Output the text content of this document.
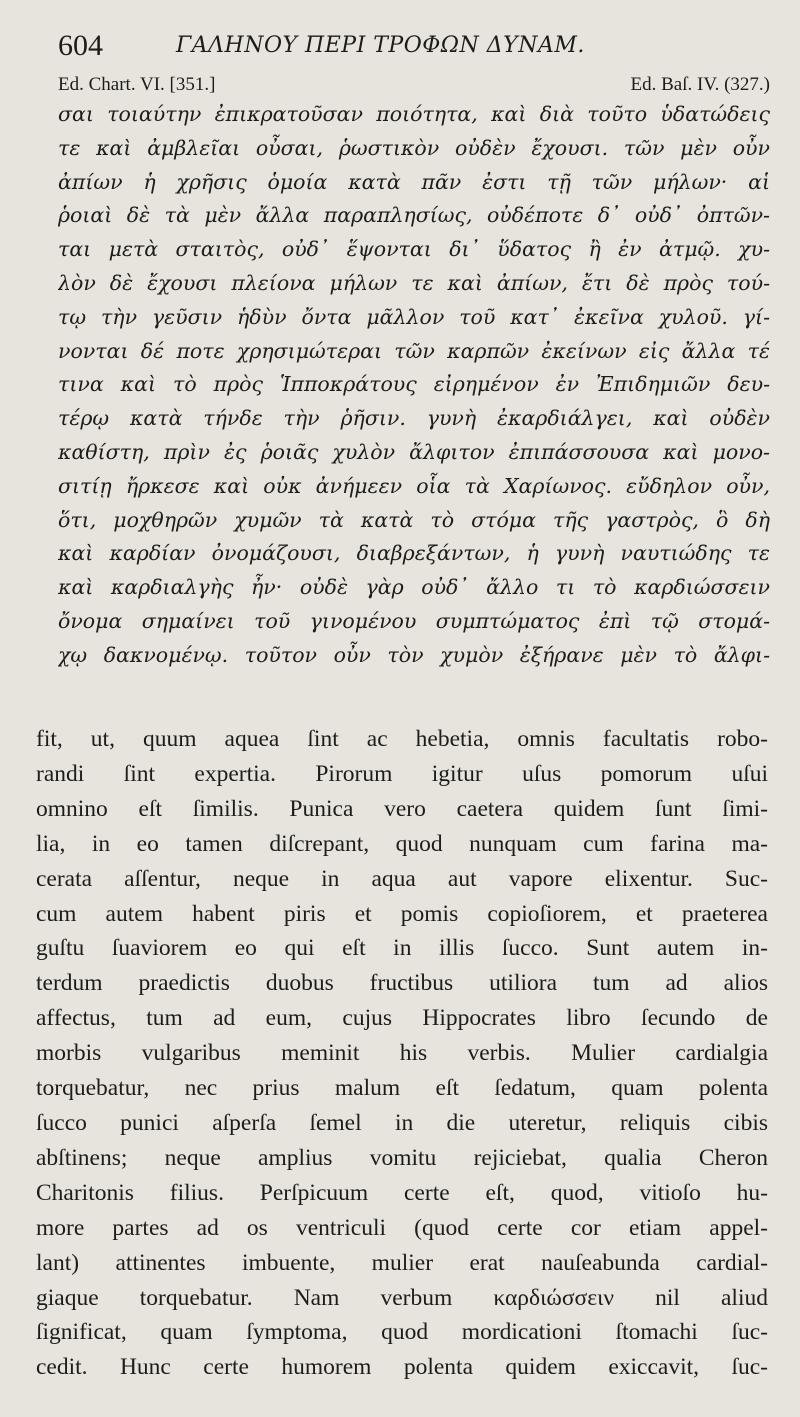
604	ΓΑΛΗΝΟΥ ΠΕΡΙ ΤΡΟΦΩΝ ΔΥΝΑΜ.
Ed. Chart. VI. [351.]	Ed. Baſ. IV. (327.)
σαι τοιαύτην ἐπικρατοῦσαν ποιότητα, καὶ διὰ τοῦτο ὑδατώδεις
τε καὶ ἀμβλεῖαι οὖσαι, ῥωστικὸν οὐδὲν ἔχουσι. τῶν μὲν οὖν
ἀπίων ἡ χρῆσις ὁμοία κατὰ πᾶν ἐστι τῇ τῶν μήλων· αἱ
ῥοιαὶ δὲ τὰ μὲν ἄλλα παραπλησίως, οὐδέποτε δ᾽ οὐδ᾽ ὀπτῶν-
ται μετὰ σταιτὸς, οὐδ᾽ ἕψονται δι᾽ ὕδατος ἢ ἐν ἀτμῷ. χυ-
λὸν δὲ ἔχουσι πλείονα μήλων τε καὶ ἀπίων, ἔτι δὲ πρὸς τού-
τῳ τὴν γεῦσιν ἡδὺν ὄντα μᾶλλον τοῦ κατ᾽ ἐκεῖνα χυλοῦ. γί-
νονται δέ ποτε χρησιμώτεραι τῶν καρπῶν ἐκείνων εἰς ἄλλα τέ
τινα καὶ τὸ πρὸς Ἱπποκράτους εἰρημένον ἐν Ἐπιδημιῶν δευ-
τέρῳ κατὰ τήνδε τὴν ῥῆσιν. γυνὴ ἐκαρδιάλγει, καὶ οὐδὲν
καθίστη, πρὶν ἐς ῥοιᾶς χυλὸν ἄλφιτον ἐπιπάσσουσα καὶ μονο-
σιτίῃ ἤρκεσε καὶ οὐκ ἀνήμεεν οἷα τὰ Χαρίωνος. εὔδηλον οὖν,
ὅτι, μοχθηρῶν χυμῶν τὰ κατὰ τὸ στόμα τῆς γαστρὸς, ὃ δὴ
καὶ καρδίαν ὀνομάζουσι, διαβρεξάντων, ἡ γυνὴ ναυτιώδης τε
καὶ καρδιαλγὴς ἦν· οὐδὲ γὰρ οὐδ᾽ ἄλλο τι τὸ καρδιώσσειν
ὄνομα σημαίνει τοῦ γινομένου συμπτώματος ἐπὶ τῷ στομά-
χῳ δακνομένῳ. τοῦτον οὖν τὸν χυμὸν ἐξήρανε μὲν τὸ ἄλφι-
fit, ut, quum aquea ſint ac hebetia, omnis facultatis robo-
randi ſint expertia. Pirorum igitur uſus pomorum uſui
omnino eſt ſimilis. Punica vero caetera quidem ſunt ſimi-
lia, in eo tamen diſcrepant, quod nunquam cum farina ma-
cerata aſſentur, neque in aqua aut vapore elixentur. Suc-
cum autem habent piris et pomis copioſiorem, et praeterea
guſtu ſuaviorem eo qui eſt in illis ſucco. Sunt autem in-
terdum praedictis duobus fructibus utiliora tum ad alios
affectus, tum ad eum, cujus Hippocrates libro ſecundo de
morbis vulgaribus meminit his verbis. Mulier cardialgia
torquebatur, nec prius malum eſt ſedatum, quam polenta
ſucco punici aſperſa ſemel in die uteretur, reliquis cibis
abſtinens; neque amplius vomitu rejiciebat, qualia Cheron
Charitonis filius. Perſpicuum certe eſt, quod, vitioſo hu-
more partes ad os ventriculi (quod certe cor etiam appel-
lant) attinentes imbuente, mulier erat nauſeabunda cardial-
giaque torquebatur. Nam verbum καρδιώσσειν nil aliud
ſignificat, quam ſymptoma, quod mordicationi ſtomachi ſuc-
cedit. Hunc certe humorem polenta quidem exiccavit, ſuc-
